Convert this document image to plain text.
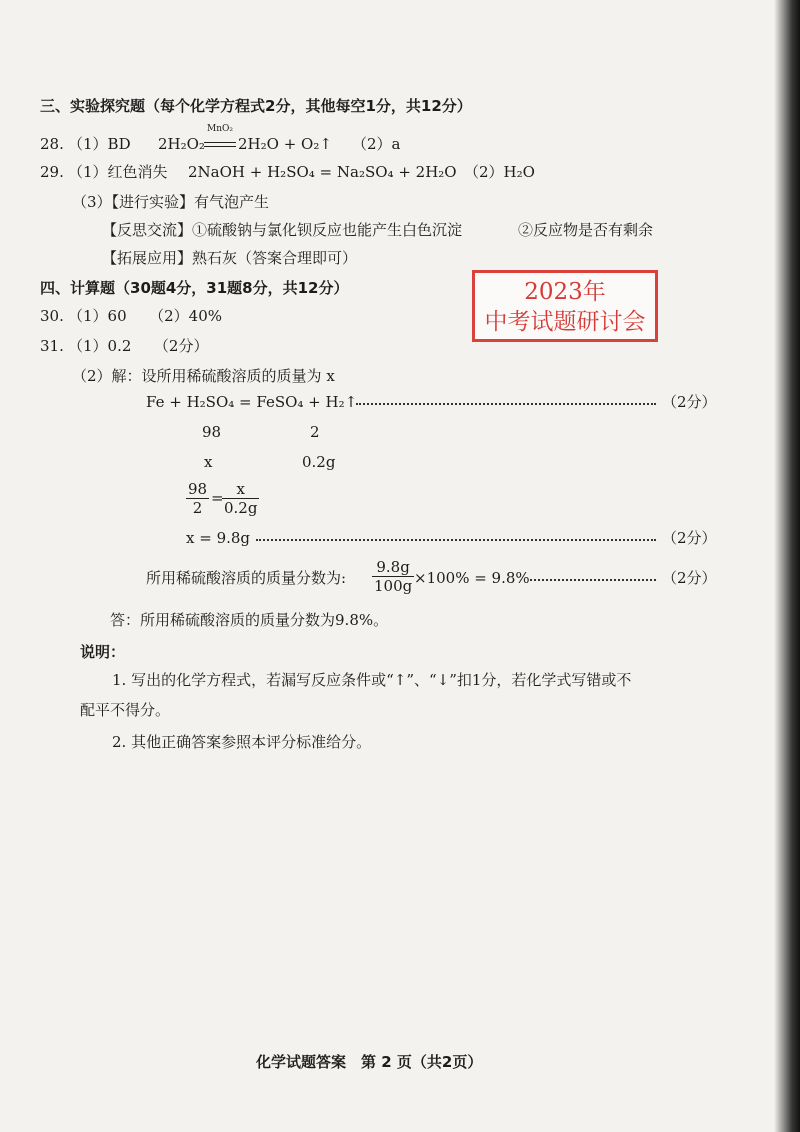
三、实验探究题（每个化学方程式2分，其他每空1分，共12分）
28. （1）BD 2H₂O₂
MnO₂
2H₂O + O₂↑ （2）a
29. （1）红色消失 2NaOH + H₂SO₄ = Na₂SO₄ + 2H₂O （2）H₂O
（3）【进行实验】有气泡产生
【反思交流】①硫酸钠与氯化钡反应也能产生白色沉淀	②反应物是否有剩余
【拓展应用】熟石灰（答案合理即可）
四、计算题（30题4分，31题8分，共12分）	2023年
中考试题研讨会
30. （1）60　　（2）40%
31. （1）0.2　　（2分）
（2）解：设所用稀硫酸溶质的质量为 x
Fe + H₂SO₄ = FeSO₄ + H₂↑	（2分）
98	2
x	0.2g
$\frac{98}{2}$ =
$\frac{x}{0.2g}$
x = 9.8g	（2分）
所用稀硫酸溶质的质量分数为: $\frac{9.8g}{100g} \times 100\% = 9.8\%$	（2分）
答：所用稀硫酸溶质的质量分数为9.8%。
说明：
1. 写出的化学方程式，若漏写反应条件或“↑”、“↓”扣1分，若化学式写错或不
配平不得分。
2. 其他正确答案参照本评分标准给分。
化学试题答案　第 2 页（共2页）
